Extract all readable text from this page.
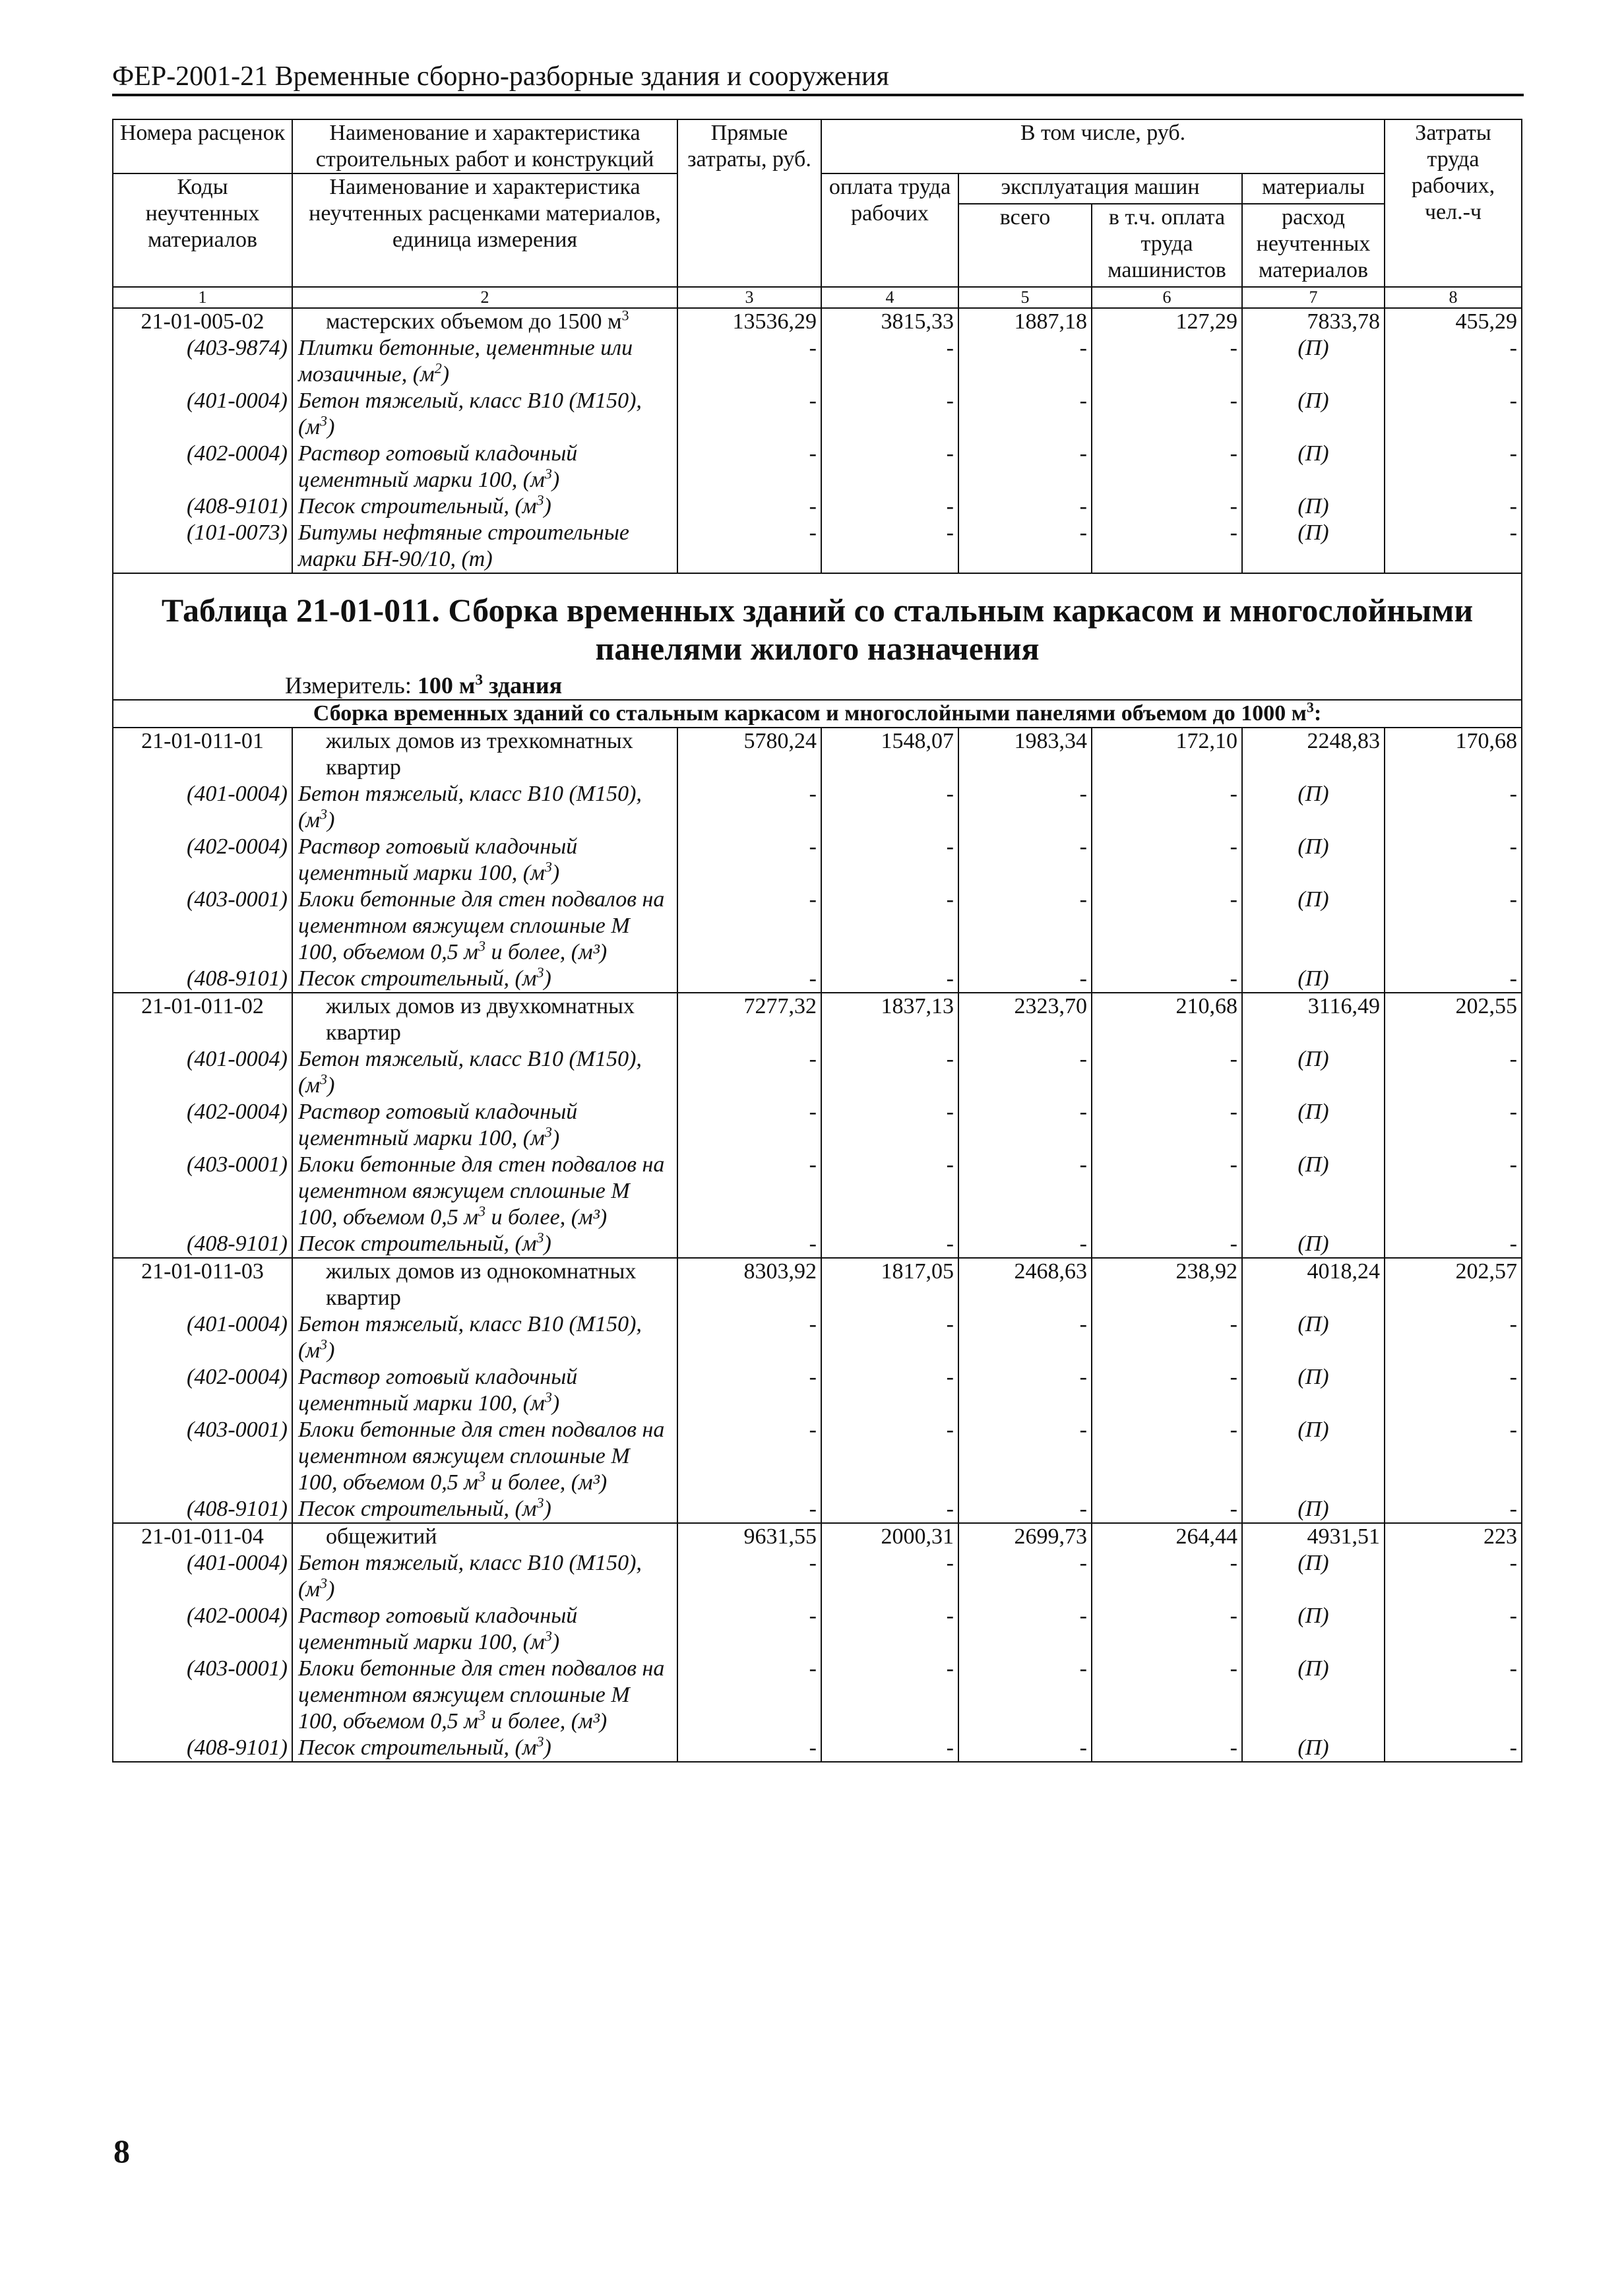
ФЕР-2001-21 Временные сборно-разборные здания и сооружения
Номера расценок	Наименование и характеристика строительных работ и конструкций	Прямые затраты, руб.	В том числе, руб.				Затраты труда рабочих, чел.-ч
Коды неучтенных материалов	Наименование и характеристика неучтенных расценками материалов, единица измерения		оплата труда рабочих	эксплуатация машин		материалы	
				всего	в т.ч. оплата труда машинистов	расход неучтенных материалов	
1	2	3	4	5	6	7	8
21-01-005-02	мастерских объемом до 1500 $м^3$	13536,29	3815,33	1887,18	127,29	7833,78	455,29
(403-9874)	Плитки бетонные, цементные или мозаичные, $(м^2)$	-	-	-	-	(П)	-
(401-0004)	Бетон тяжелый, класс В10 (М150), $(м^3)$	-	-	-	-	(П)	-
(402-0004)	Раствор готовый кладочный цементный марки 100, $(м^3)$	-	-	-	-	(П)	-
(408-9101)	Песок строительный, $(м^3)$	-	-	-	-	(П)	-
(101-0073)	Битумы нефтяные строительные марки БН-90/10, (т)	-	-	-	-	(П)	-

Таблица 21-01-011. Сборка временных зданий со стальным каркасом и многослойными панелями жилого назначения
Измеритель: 100 $м^3$ здания							

Сборка временных зданий со стальным каркасом и многослойными панелями объемом до 1000 $м^3$:							
21-01-011-01	жилых домов из трехкомнатных квартир	5780,24	1548,07	1983,34	172,10	2248,83	170,68
(401-0004)	Бетон тяжелый, класс В10 (М150), $(м^3)$	-	-	-	-	(П)	-
(402-0004)	Раствор готовый кладочный цементный марки 100, $(м^3)$	-	-	-	-	(П)	-
(403-0001)	Блоки бетонные для стен подвалов на цементном вяжущем сплошные М 100, объемом 0,5 $м^3$ и более, (м³)	-	-	-	-	(П)	-
(408-9101)	Песок строительный, $(м^3)$	-	-	-	-	(П)	-
21-01-011-02	жилых домов из двухкомнатных квартир	7277,32	1837,13	2323,70	210,68	3116,49	202,55
(401-0004)	Бетон тяжелый, класс В10 (М150), $(м^3)$	-	-	-	-	(П)	-
(402-0004)	Раствор готовый кладочный цементный марки 100, $(м^3)$	-	-	-	-	(П)	-
(403-0001)	Блоки бетонные для стен подвалов на цементном вяжущем сплошные М 100, объемом 0,5 $м^3$ и более, (м³)	-	-	-	-	(П)	-
(408-9101)	Песок строительный, $(м^3)$	-	-	-	-	(П)	-
21-01-011-03	жилых домов из однокомнатных квартир	8303,92	1817,05	2468,63	238,92	4018,24	202,57
(401-0004)	Бетон тяжелый, класс В10 (М150), $(м^3)$	-	-	-	-	(П)	-
(402-0004)	Раствор готовый кладочный цементный марки 100, $(м^3)$	-	-	-	-	(П)	-
(403-0001)	Блоки бетонные для стен подвалов на цементном вяжущем сплошные М 100, объемом 0,5 $м^3$ и более, (м³)	-	-	-	-	(П)	-
(408-9101)	Песок строительный, $(м^3)$	-	-	-	-	(П)	-
21-01-011-04	общежитий	9631,55	2000,31	2699,73	264,44	4931,51	223
(401-0004)	Бетон тяжелый, класс В10 (М150), $(м^3)$	-	-	-	-	(П)	-
(402-0004)	Раствор готовый кладочный цементный марки 100, $(м^3)$	-	-	-	-	(П)	-
(403-0001)	Блоки бетонные для стен подвалов на цементном вяжущем сплошные М 100, объемом 0,5 $м^3$ и более, (м³)	-	-	-	-	(П)	-
(408-9101)	Песок строительный, $(м^3)$	-	-	-	-	(П)	-
8
